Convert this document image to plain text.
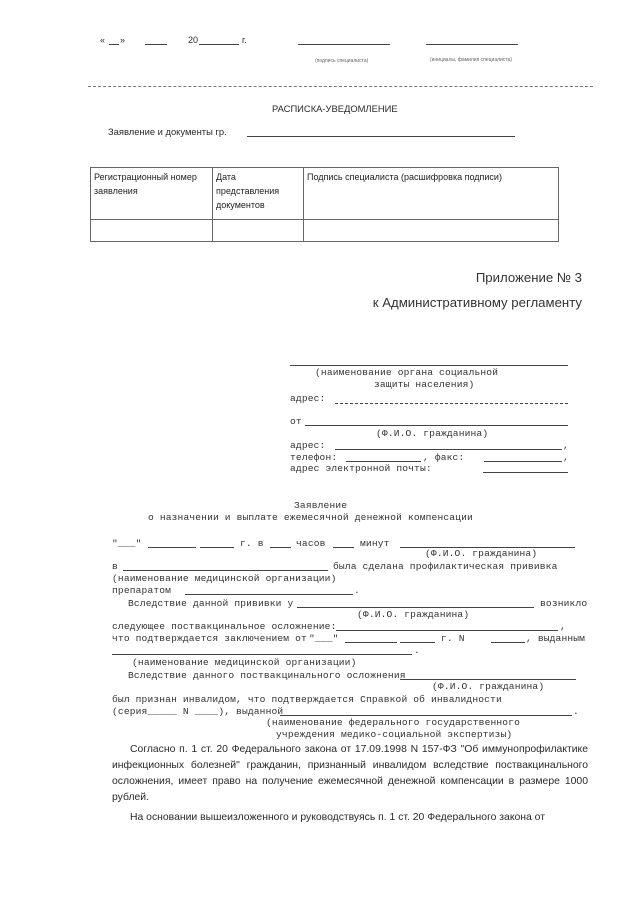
« »	20	г.
(подпись специалиста)	(инициалы, фамилия специалиста)
РАСПИСКА-УВЕДОМЛЕНИЕ
Заявление и документы гр.
Регистрационный номер заявления	Дата представления документов	Подпись специалиста (расшифровка подписи)

Приложение № 3
к Административному регламенту
(наименование органа социальной
защиты населения)
адрес:
от
(Ф.И.О. гражданина)
адрес:	,
телефон:	, факс:	,
адрес электронной почты:
Заявление
о назначении и выплате ежемесячной денежной компенсации
"___"	г. в	часов	минут
(Ф.И.О. гражданина)
в	была сделана профилактическая прививка
(наименование медицинской организации)
препаратом	.
Вследствие данной прививки у	возникло
(Ф.И.О. гражданина)
следующее поствакцинальное осложнение:	,
что подтверждается заключением от "___"	г. N	, выданным
.
(наименование медицинской организации)
Вследствие данного поствакцинального осложнения
(Ф.И.О. гражданина)
был признан инвалидом, что подтверждается Справкой об инвалидности
(серия_____ N ____), выданной	.
(наименование федерального государственного
учреждения медико-социальной экспертизы)
Согласно п. 1 ст. 20 Федерального закона от 17.09.1998 N 157-ФЗ "Об иммунопрофилактике инфекционных болезней" гражданин, признанный инвалидом вследствие поствакцинального осложнения, имеет право на получение ежемесячной денежной компенсации в размере 1000 рублей.
На основании вышеизложенного и руководствуясь п. 1 ст. 20 Федерального закона от
